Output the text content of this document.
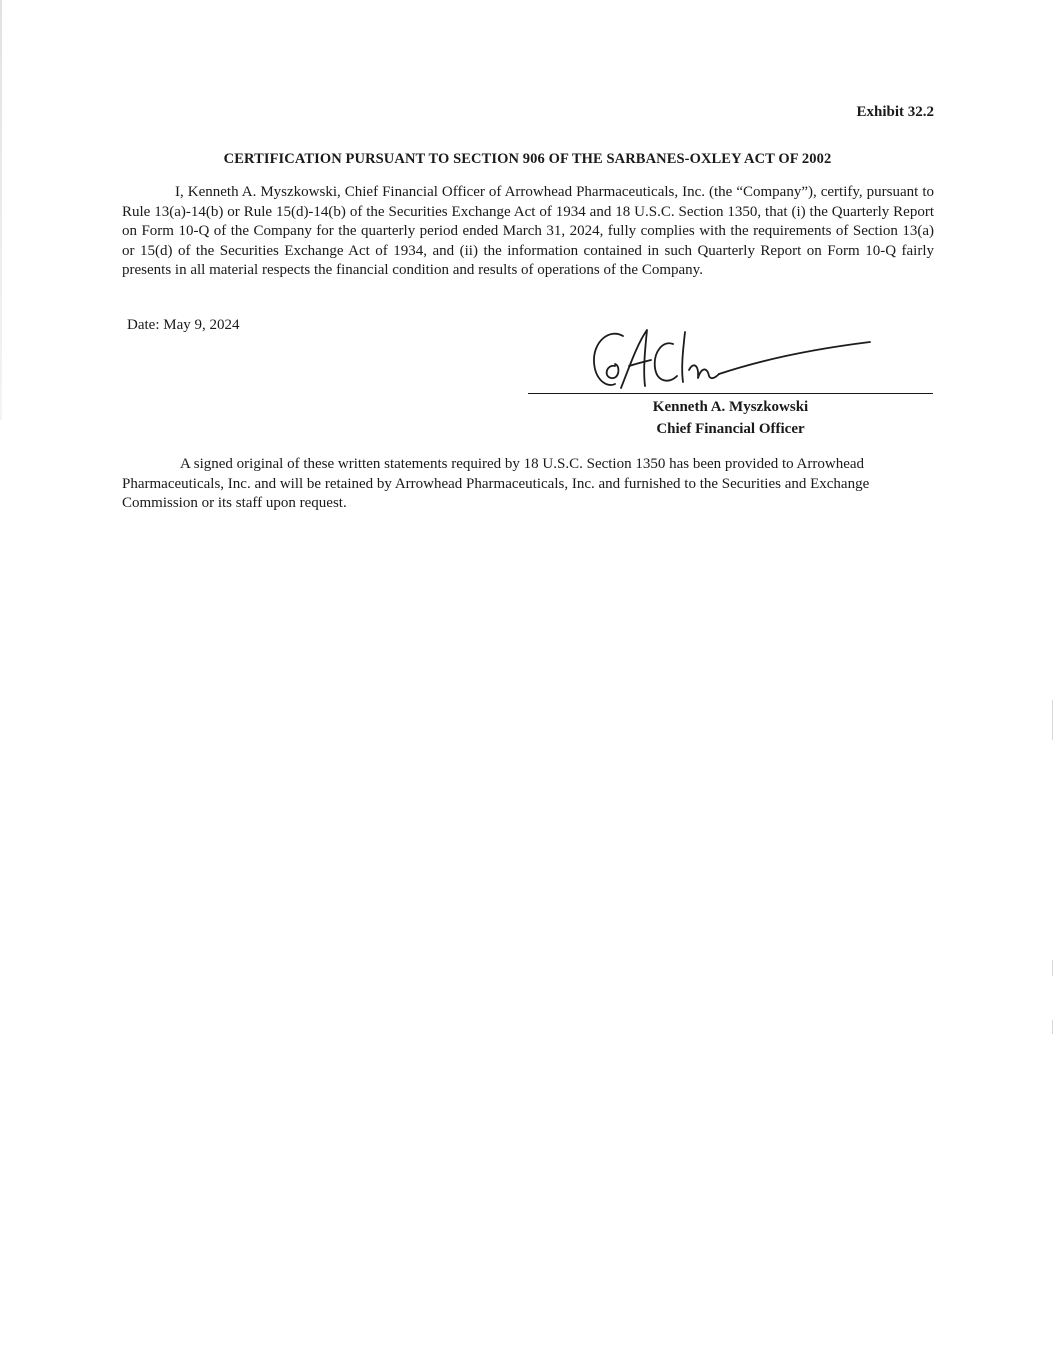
Exhibit 32.2
CERTIFICATION PURSUANT TO SECTION 906 OF THE SARBANES-OXLEY ACT OF 2002

I, Kenneth A. Myszkowski, Chief Financial Officer of Arrowhead Pharmaceuticals, Inc. (the “Company”), certify, pursuant to Rule 13(a)-14(b) or Rule 15(d)-14(b) of the Securities Exchange Act of 1934 and 18 U.S.C. Section 1350, that (i) the Quarterly Report on Form 10-Q of the Company for the quarterly period ended March 31, 2024, fully complies with the requirements of Section 13(a) or 15(d) of the Securities Exchange Act of 1934, and (ii) the information contained in such Quarterly Report on Form 10-Q fairly presents in all material respects the financial condition and results of operations of the Company.

Date: May 9, 2024
Kenneth A. Myszkowski
Chief Financial Officer

A signed original of these written statements required by 18 U.S.C. Section 1350 has been provided to Arrowhead Pharmaceuticals, Inc. and will be retained by Arrowhead Pharmaceuticals, Inc. and furnished to the Securities and Exchange Commission or its staff upon request.
